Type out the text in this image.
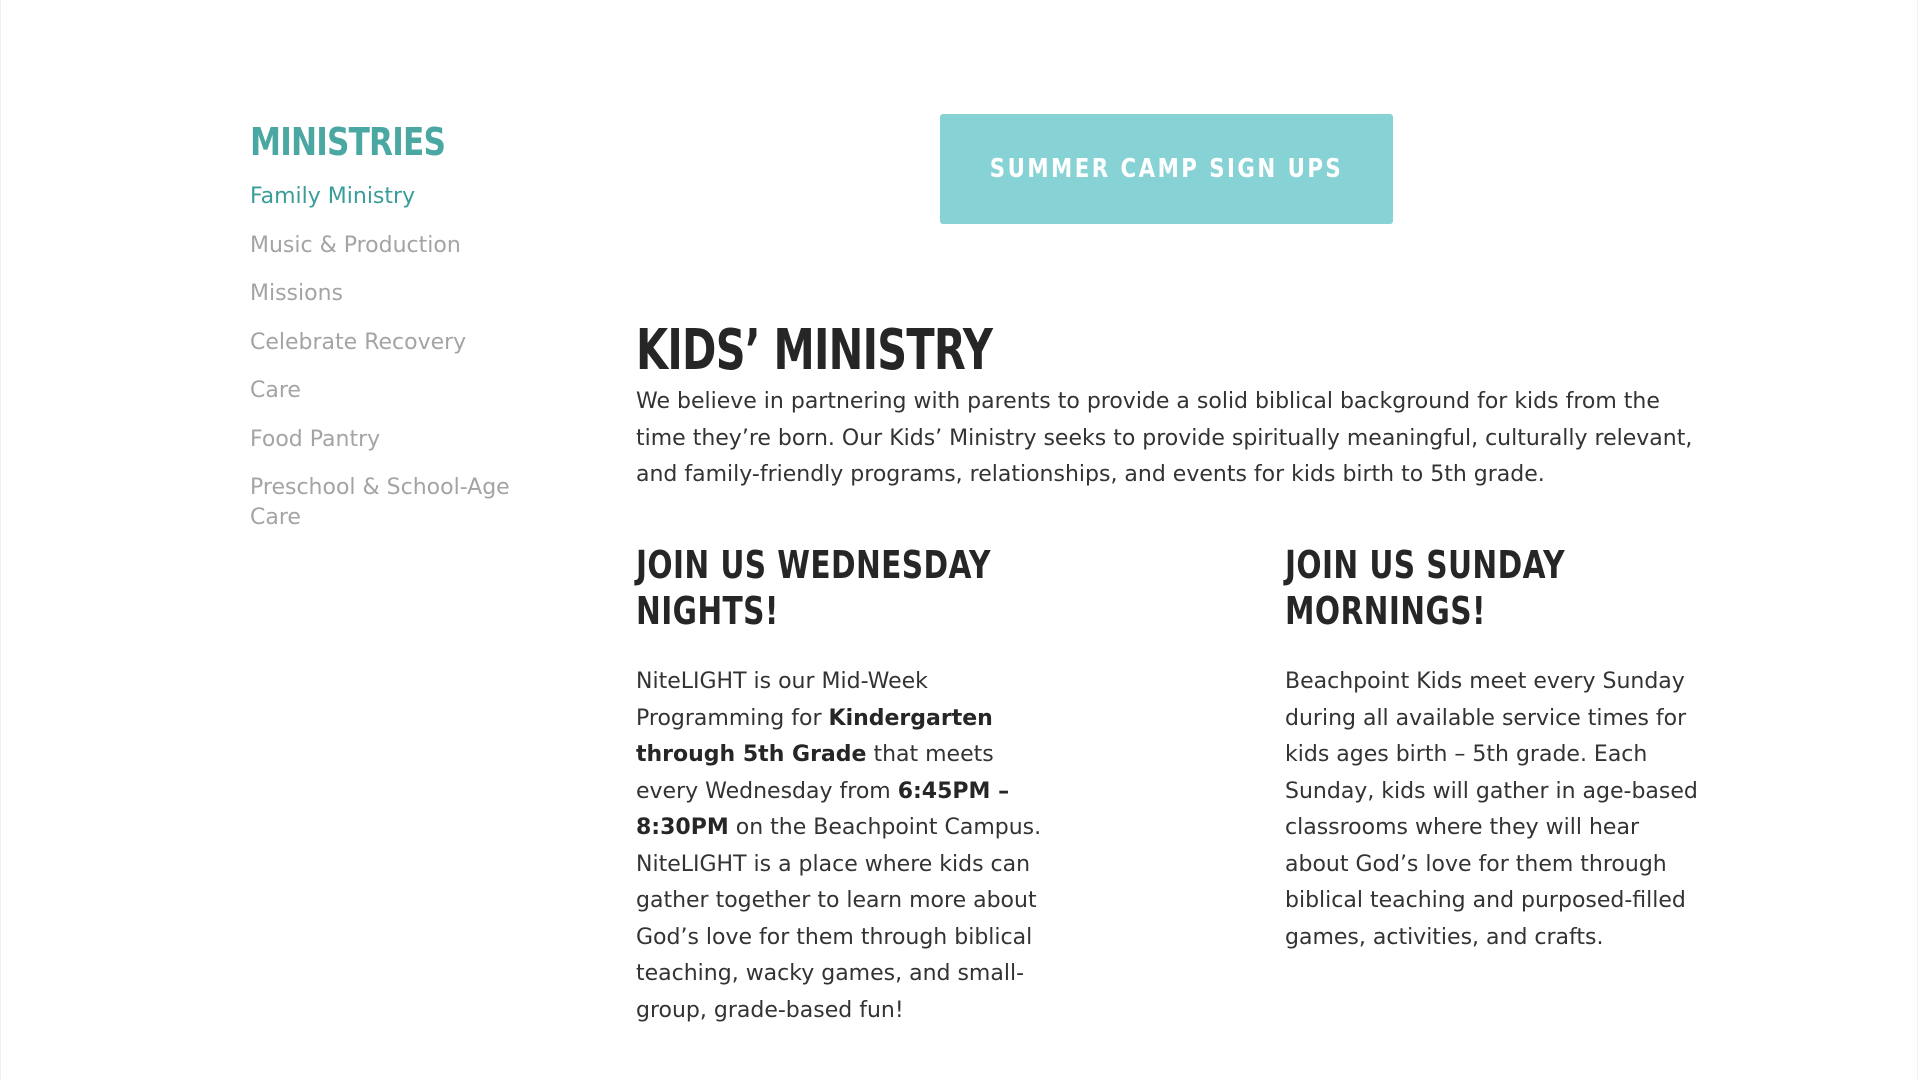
MINISTRIES
Family Ministry
Music & Production
Missions
Celebrate Recovery
Care
Food Pantry
Preschool & School-Age Care
SUMMER CAMP SIGN UPS
KIDS’ MINISTRY

We believe in partnering with parents to provide a solid biblical background for kids from the time they’re born. Our Kids’ Ministry seeks to provide spiritually meaningful, culturally relevant, and family-friendly programs, relationships, and events for kids birth to 5th grade.

JOIN US WEDNESDAY NIGHTS!

NiteLIGHT is our Mid-Week Programming for Kindergarten through 5th Grade that meets every Wednesday from 6:45PM – 8:30PM on the Beachpoint Campus. NiteLIGHT is a place where kids can gather together to learn more about God’s love for them through biblical teaching, wacky games, and small-group, grade-based fun!

JOIN US SUNDAY MORNINGS!

Beachpoint Kids meet every Sunday during all available service times for kids ages birth – 5th grade. Each Sunday, kids will gather in age-based classrooms where they will hear about God’s love for them through biblical teaching and purposed-filled games, activities, and crafts.
